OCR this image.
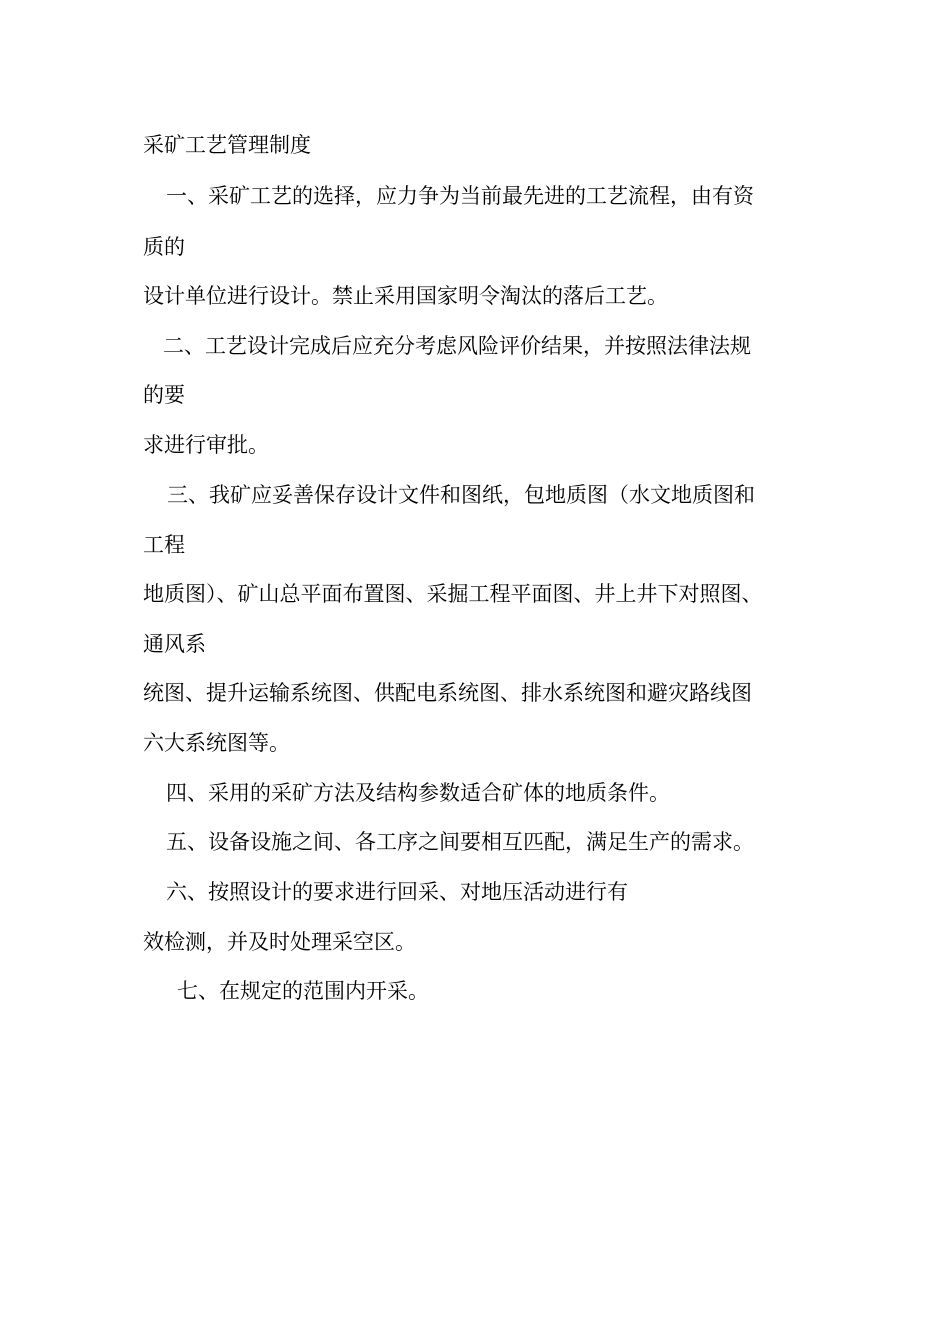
采矿工艺管理制度

一、采矿工艺的选择，应力争为当前最先进的工艺流程，由有资

质的

设计单位进行设计。禁止采用国家明令淘汰的落后工艺。

二、工艺设计完成后应充分考虑风险评价结果，并按照法律法规

的要

求进行审批。

三、我矿应妥善保存设计文件和图纸，包地质图（水文地质图和

工程

地质图）、矿山总平面布置图、采掘工程平面图、井上井下对照图、

通风系

统图、提升运输系统图、供配电系统图、排水系统图和避灾路线图

六大系统图等。

四、采用的采矿方法及结构参数适合矿体的地质条件。

五、设备设施之间、各工序之间要相互匹配，满足生产的需求。

六、按照设计的要求进行回采、对地压活动进行有

效检测，并及时处理采空区。

七、在规定的范围内开采。
